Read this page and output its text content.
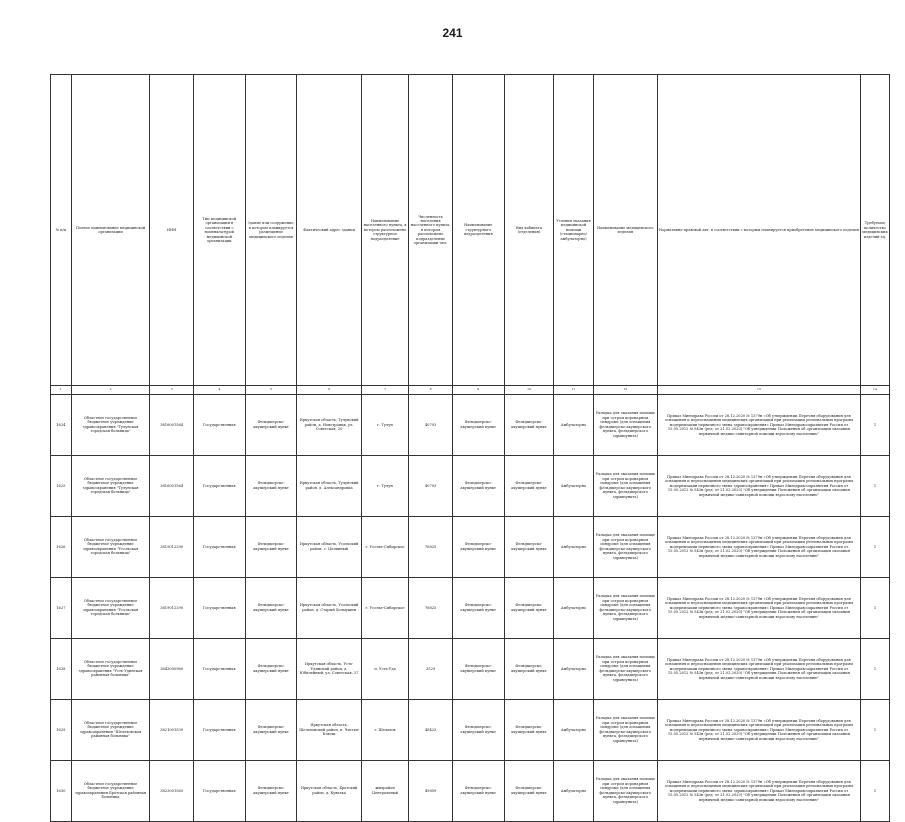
241
№ п/п	Полное наименование медицинской организации	ИНН	Тип медицинской организации в соответствии с номенклатурой медицинской организации	Здание или сооружение, в котором планируется размещение медицинского изделия	Фактический адрес здания	Наименование населенного пункта, в котором расположено структурное подразделение	Численность населения населенного пункта, в котором расположено подразделение организации чел.	Наименование структурного подразделения	Вид кабинета (отделения)	Условия оказания медицинской помощи (стационарно/амбулаторно)	Наименование медицинского изделия	Нормативно-правовой акт, в соответствии с которым планируется приобретение медицинского изделия	Требуемое количество медицинских изделий ед.	
1	2	3	4	5	6	7	8	9	10	11	12	13	14	
1624	Областное государственное бюджетное учреждение здравоохранения "Тулунская городская больница"	3816001564	Государственная	Фельдшерско-акушерский пункт	Иркутская область, Тулунский район, д. Новотроицк, ул. Советская, 20	г. Тулун	40793	Фельдшерско-акушерский пункт	Фельдшерско-акушерский пункт	Амбулаторно	Укладка для оказания помощи при остром коронарном синдроме (для оснащения фельдшерско-акушерского пункта, фельдшерского здравпункта)	Приказ Минздрава России от 28.12.2020 № 1379н «Об утверждении Перечня оборудования для оснащения и переоснащения медицинских организаций при реализации региональных программ модернизации первичного звена здравоохранения» Приказ Минздравсоцразвития России от 15.05.2012 № 543н (ред. от 21.02.2020) "Об утверждении Положения об организации оказания первичной медико-санитарной помощи взрослому населению"	1	
1625	Областное государственное бюджетное учреждение здравоохранения "Тулунская городская больница"	3816001564	Государственная	Фельдшерско-акушерский пункт	Иркутская область, Тулунский район, д. Александровка	г. Тулун	40793	Фельдшерско-акушерский пункт	Фельдшерско-акушерский пункт	Амбулаторно	Укладка для оказания помощи при остром коронарном синдроме (для оснащения фельдшерско-акушерского пункта, фельдшерского здравпункта)	Приказ Минздрава России от 28.12.2020 № 1379н «Об утверждении Перечня оборудования для оснащения и переоснащения медицинских организаций при реализации региональных программ модернизации первичного звена здравоохранения» Приказ Минздравсоцразвития России от 15.05.2012 № 543н (ред. от 21.02.2020) "Об утверждении Положения об организации оказания первичной медико-санитарной помощи взрослому населению"	1	
1626	Областное государственное бюджетное учреждение здравоохранения "Усольская городская больница"	3819012290	Государственная	Фельдшерско-акушерский пункт	Иркутская область, Усольский район, с. Целинный	г. Усолье-Сибирское	76825	Фельдшерско-акушерский пункт	Фельдшерско-акушерский пункт	Амбулаторно	Укладка для оказания помощи при остром коронарном синдроме (для оснащения фельдшерско-акушерского пункта, фельдшерского здравпункта)	Приказ Минздрава России от 28.12.2020 № 1379н «Об утверждении Перечня оборудования для оснащения и переоснащения медицинских организаций при реализации региональных программ модернизации первичного звена здравоохранения» Приказ Минздравсоцразвития России от 15.05.2012 № 543н (ред. от 21.02.2020) "Об утверждении Положения об организации оказания первичной медико-санитарной помощи взрослому населению"	1	
1627	Областное государственное бюджетное учреждение здравоохранения "Усольская городская больница"	3819012290	Государственная	Фельдшерско-акушерский пункт	Иркутская область, Усольский район, д. Старый Холмушин	г. Усолье-Сибирское	76825	Фельдшерско-акушерский пункт	Фельдшерско-акушерский пункт	Амбулаторно	Укладка для оказания помощи при остром коронарном синдроме (для оснащения фельдшерско-акушерского пункта, фельдшерского здравпункта)	Приказ Минздрава России от 28.12.2020 № 1379н «Об утверждении Перечня оборудования для оснащения и переоснащения медицинских организаций при реализации региональных программ модернизации первичного звена здравоохранения» Приказ Минздравсоцразвития России от 15.05.2012 № 543н (ред. от 21.02.2020) "Об утверждении Положения об организации оказания первичной медико-санитарной помощи взрослому населению"	1	
1628	Областное государственное бюджетное учреждение здравоохранения "Усть-Удинская районная больница"	3843000960	Государственная	Фельдшерско-акушерский пункт	Иркутская область, Усть-Удинский район, д. Юбилейный, ул. Советская, 27	п. Усть-Уда	3529	Фельдшерско-акушерский пункт	Фельдшерско-акушерский пункт	Амбулаторно	Укладка для оказания помощи при остром коронарном синдроме (для оснащения фельдшерско-акушерского пункта, фельдшерского здравпункта)	Приказ Минздрава России от 28.12.2020 № 1379н «Об утверждении Перечня оборудования для оснащения и переоснащения медицинских организаций при реализации региональных программ модернизации первичного звена здравоохранения» Приказ Минздравсоцразвития России от 15.05.2012 № 543н (ред. от 21.02.2020) "Об утверждении Положения об организации оказания первичной медико-санитарной помощи взрослому населению"	1	
1629	Областное государственное бюджетное учреждение здравоохранения "Шелеховская районная больница"	3821001539	Государственная	Фельдшерско-акушерский пункт	Иркутская область, Шелеховский район, п. Чистые Ключи	г. Шелехов	48423	Фельдшерско-акушерский пункт	Фельдшерско-акушерский пункт	Амбулаторно	Укладка для оказания помощи при остром коронарном синдроме (для оснащения фельдшерско-акушерского пункта, фельдшерского здравпункта)	Приказ Минздрава России от 28.12.2020 № 1379н «Об утверждении Перечня оборудования для оснащения и переоснащения медицинских организаций при реализации региональных программ модернизации первичного звена здравоохранения» Приказ Минздравсоцразвития России от 15.05.2012 № 543н (ред. от 21.02.2020) "Об утверждении Положения об организации оказания первичной медико-санитарной помощи взрослому населению"	1	
1630	Областное государственное бюджетное учреждение здравоохранения Братская районная больница	3823001565	Государственная	Фельдшерско-акушерский пункт	Иркутская область, Братский район, д. Куватка	жилрайон Центральный	49859	Фельдшерско-акушерский пункт	Фельдшерско-акушерский пункт	Амбулаторно	Укладка для оказания помощи при остром коронарном синдроме (для оснащения фельдшерско-акушерского пункта, фельдшерского здравпункта)	Приказ Минздрава России от 28.12.2020 № 1379н «Об утверждении Перечня оборудования для оснащения и переоснащения медицинских организаций при реализации региональных программ модернизации первичного звена здравоохранения» Приказ Минздравсоцразвития России от 15.05.2012 № 543н (ред. от 21.02.2020) "Об утверждении Положения об организации оказания первичной медико-санитарной помощи взрослому населению"	1	
